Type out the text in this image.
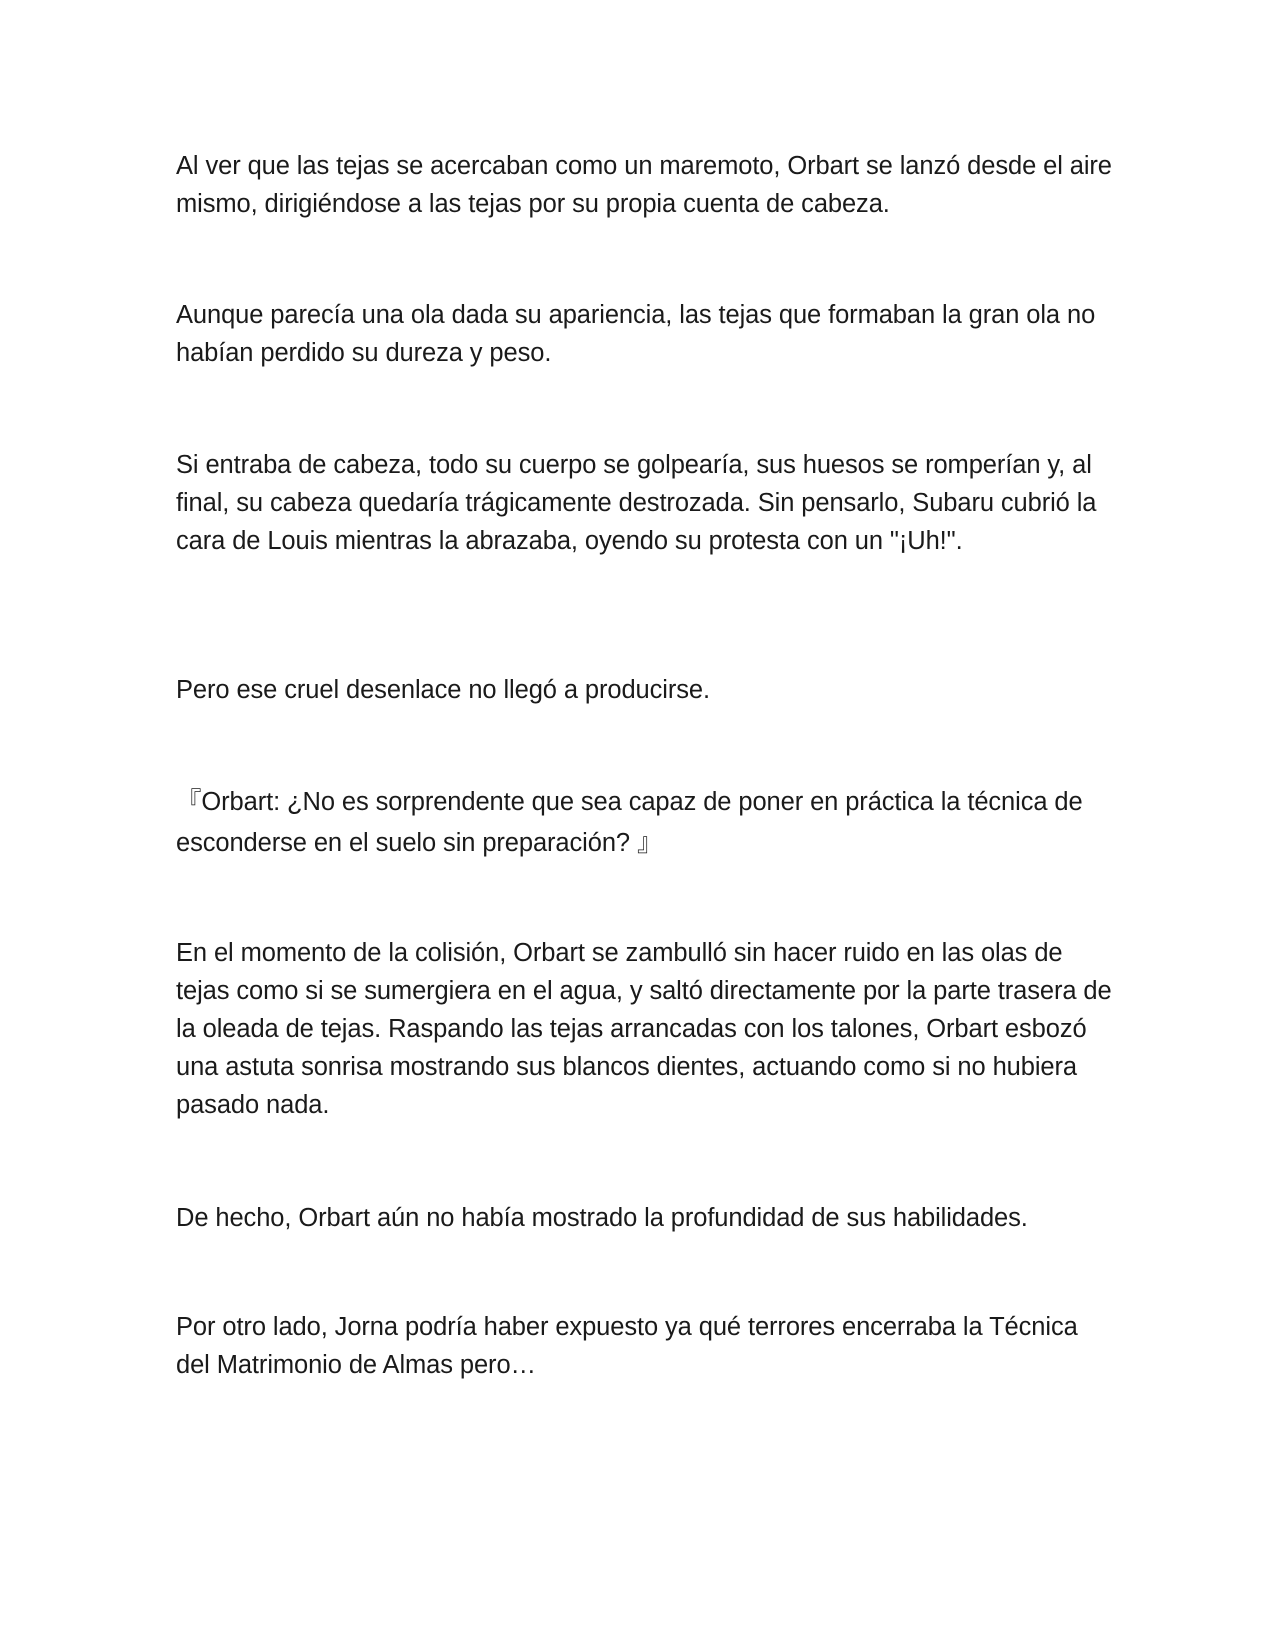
Al ver que las tejas se acercaban como un maremoto, Orbart se lanzó desde el aire mismo, dirigiéndose a las tejas por su propia cuenta de cabeza.

Aunque parecía una ola dada su apariencia, las tejas que formaban la gran ola no habían perdido su dureza y peso.

Si entraba de cabeza, todo su cuerpo se golpearía, sus huesos se romperían y, al final, su cabeza quedaría trágicamente destrozada. Sin pensarlo, Subaru cubrió la cara de Louis mientras la abrazaba, oyendo su protesta con un "¡Uh!".

Pero ese cruel desenlace no llegó a producirse.

『Orbart: ¿No es sorprendente que sea capaz de poner en práctica la técnica de esconderse en el suelo sin preparación? 』

En el momento de la colisión, Orbart se zambulló sin hacer ruido en las olas de tejas como si se sumergiera en el agua, y saltó directamente por la parte trasera de la oleada de tejas. Raspando las tejas arrancadas con los talones, Orbart esbozó una astuta sonrisa mostrando sus blancos dientes, actuando como si no hubiera pasado nada.

De hecho, Orbart aún no había mostrado la profundidad de sus habilidades.

Por otro lado, Jorna podría haber expuesto ya qué terrores encerraba la Técnica del Matrimonio de Almas pero…
